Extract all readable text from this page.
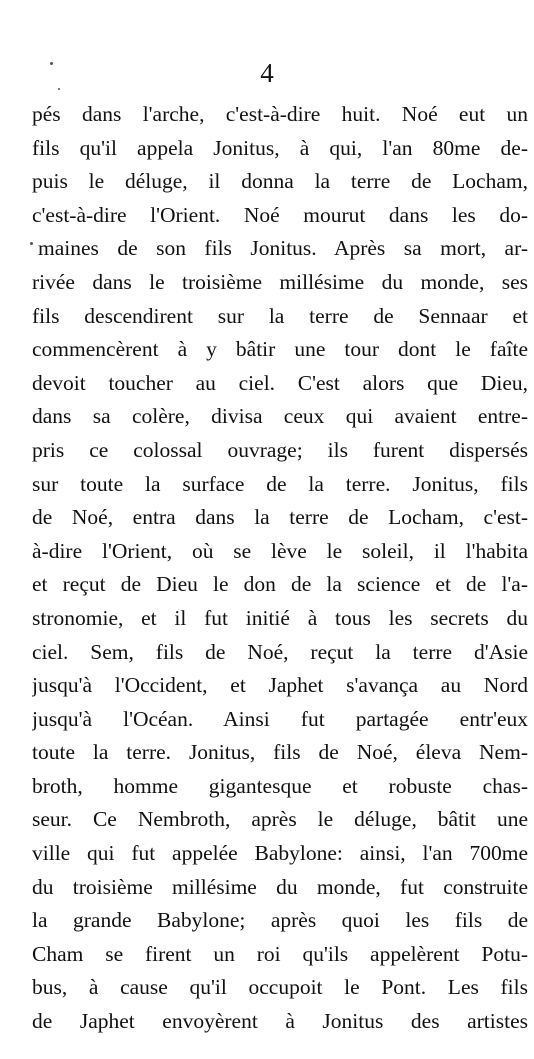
4
pés dans l'arche, c'est-à-dire huit. Noé eut un
fils qu'il appela Jonitus, à qui, l'an 80me de-
puis le déluge, il donna la terre de Locham,
c'est-à-dire l'Orient. Noé mourut dans les do-
maines de son fils Jonitus. Après sa mort, ar-
rivée dans le troisième millésime du monde, ses
fils descendirent sur la terre de Sennaar et
commencèrent à y bâtir une tour dont le faîte
devoit toucher au ciel. C'est alors que Dieu,
dans sa colère, divisa ceux qui avaient entre-
pris ce colossal ouvrage; ils furent dispersés
sur toute la surface de la terre. Jonitus, fils
de Noé, entra dans la terre de Locham, c'est-
à-dire l'Orient, où se lève le soleil, il l'habita
et reçut de Dieu le don de la science et de l'a-
stronomie, et il fut initié à tous les secrets du
ciel. Sem, fils de Noé, reçut la terre d'Asie
jusqu'à l'Occident, et Japhet s'avança au Nord
jusqu'à l'Océan. Ainsi fut partagée entr'eux
toute la terre. Jonitus, fils de Noé, éleva Nem-
broth, homme gigantesque et robuste chas-
seur. Ce Nembroth, après le déluge, bâtit une
ville qui fut appelée Babylone: ainsi, l'an 700me
du troisième millésime du monde, fut construite
la grande Babylone; après quoi les fils de
Cham se firent un roi qu'ils appelèrent Potu-
bus, à cause qu'il occupoit le Pont. Les fils
de Japhet envoyèrent à Jonitus des artistes
